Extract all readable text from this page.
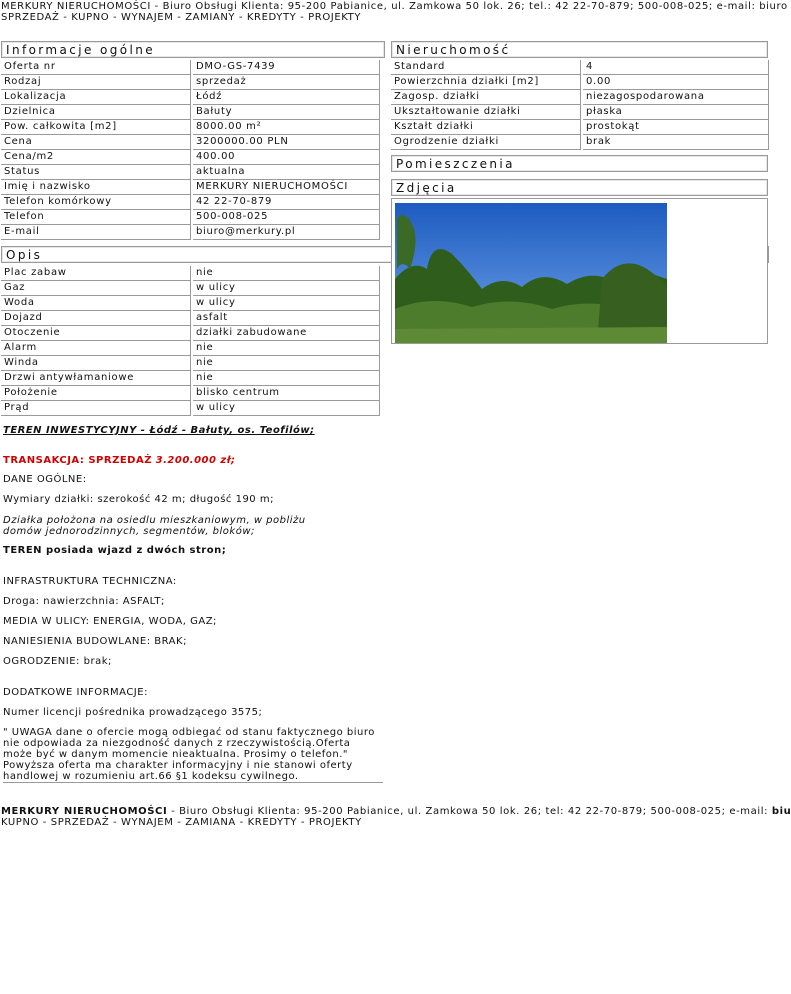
MERKURY NIERUCHOMOŚCI - Biuro Obsługi Klienta: 95-200 Pabianice, ul. Zamkowa 50 lok. 26; tel.: 42 22-70-879; 500-008-025; e-mail: biuro
SPRZEDAŻ - KUPNO - WYNAJEM - ZAMIANY - KREDYTY - PROJEKTY
Informacje ogólne
Oferta nr	DMO-GS-7439
Rodzaj	sprzedaż
Lokalizacja	Łódź
Dzielnica	Bałuty
Pow. całkowita [m2]	8000.00 m²
Cena	3200000.00 PLN
Cena/m2	400.00
Status	aktualna
Imię i nazwisko	MERKURY NIERUCHOMOŚCI
Telefon komórkowy	42 22-70-879
Telefon	500-008-025
E-mail	biuro@merkury.pl
Opis
Plac zabaw	nie
Gaz	w ulicy
Woda	w ulicy
Dojazd	asfalt
Otoczenie	działki zabudowane
Alarm	nie
Winda	nie
Drzwi antywłamaniowe	nie
Położenie	blisko centrum
Prąd	w ulicy
Nieruchomość
Standard	4
Powierzchnia działki [m2]	0.00
Zagosp. działki	niezagospodarowana
Ukształtowanie działki	płaska
Kształt działki	prostokąt
Ogrodzenie działki	brak
Pomieszczenia
Zdjęcia

TEREN INWESTYCYJNY - Łódź - Bałuty, os. Teofilów;

TRANSAKCJA: SPRZEDAŻ 3.200.000 zł;

DANE OGÓLNE:

Wymiary działki: szerokość 42 m; długość 190 m;

Działka położona na osiedlu mieszkaniowym, w pobliżu domów jednorodzinnych, segmentów, bloków;

TEREN posiada wjazd z dwóch stron;

INFRASTRUKTURA TECHNICZNA:

Droga: nawierzchnia: ASFALT;

MEDIA W ULICY: ENERGIA, WODA, GAZ;

NANIESIENIA BUDOWLANE: BRAK;

OGRODZENIE: brak;

DODATKOWE INFORMACJE:

Numer licencji pośrednika prowadzącego 3575;

" UWAGA dane o ofercie mogą odbiegać od stanu faktycznego biuro nie odpowiada za niezgodność danych z rzeczywistością.Oferta może być w danym momencie nieaktualna. Prosimy o telefon." Powyższa oferta ma charakter informacyjny i nie stanowi oferty handlowej w rozumieniu art.66 §1 kodeksu cywilnego.

MERKURY NIERUCHOMOŚCI - Biuro Obsługi Klienta: 95-200 Pabianice, ul. Zamkowa 50 lok. 26; tel: 42 22-70-879; 500-008-025; e-mail: biu
KUPNO - SPRZEDAŻ - WYNAJEM - ZAMIANA - KREDYTY - PROJEKTY
